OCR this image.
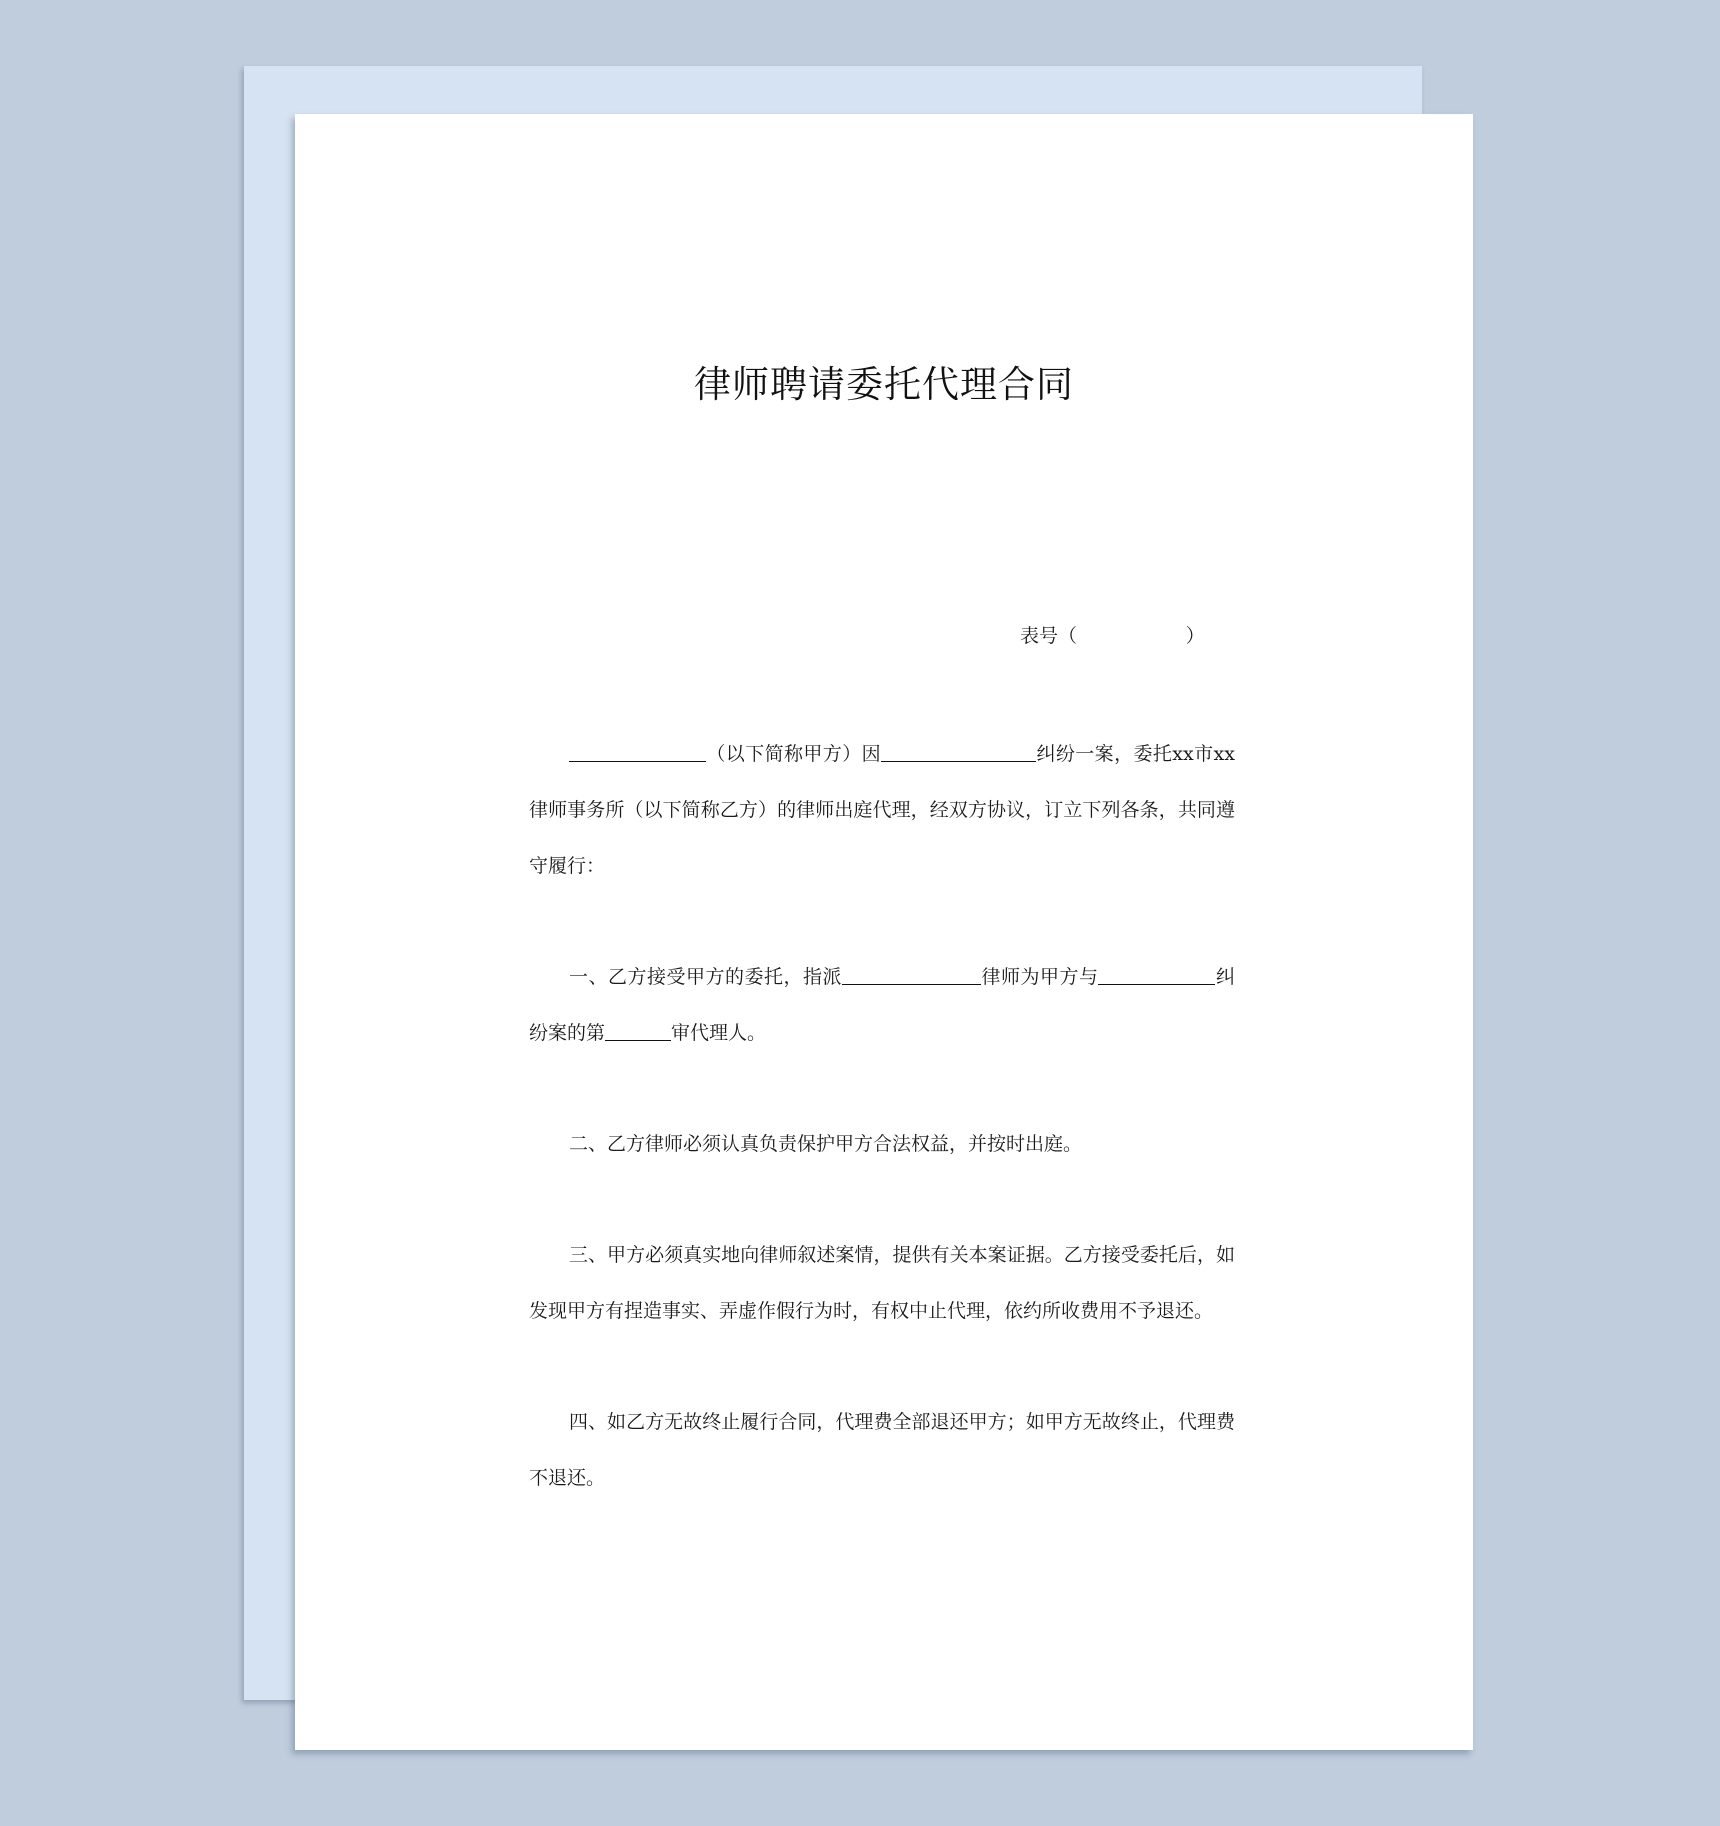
律师聘请委托代理合同
表号（	）

（以下简称甲方）因	纠纷一案，委托xx市xx律师事务所（以下简称乙方）的律师出庭代理，经双方协议，订立下列各条，共同遵守履行：

一、乙方接受甲方的委托，指派	律师为甲方与	纠纷案的第	审代理人。

二、乙方律师必须认真负责保护甲方合法权益，并按时出庭。

三、甲方必须真实地向律师叙述案情，提供有关本案证据。乙方接受委托后，如发现甲方有捏造事实、弄虚作假行为时，有权中止代理，依约所收费用不予退还。

四、如乙方无故终止履行合同，代理费全部退还甲方；如甲方无故终止，代理费不退还。
